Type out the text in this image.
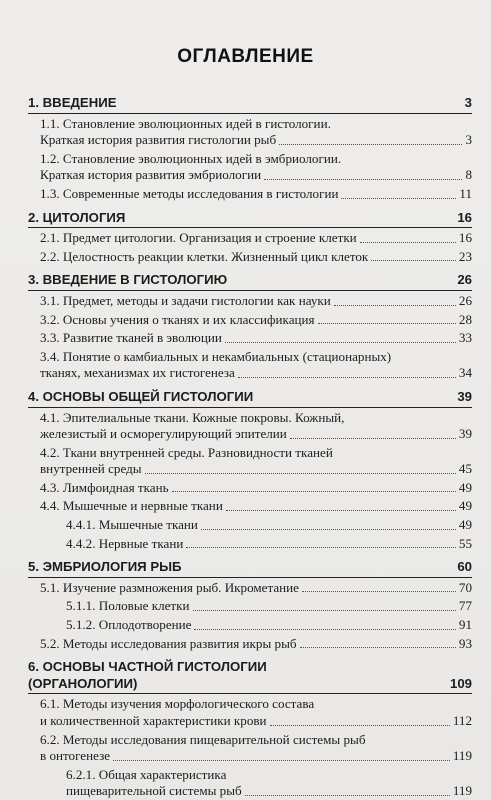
ОГЛАВЛЕНИЕ
1. ВВЕДЕНИЕ	3
1.1. Становление эволюционных идей в гистологии.
Краткая история развития гистологии рыб	3
1.2. Становление эволюционных идей в эмбриологии.
Краткая история развития эмбриологии	8
1.3. Современные методы исследования в гистологии	11
2. ЦИТОЛОГИЯ	16
2.1. Предмет цитологии. Организация и строение клетки	16
2.2. Целостность реакции клетки. Жизненный цикл клеток	23
3. ВВЕДЕНИЕ В ГИСТОЛОГИЮ	26
3.1. Предмет, методы и задачи гистологии как науки	26
3.2. Основы учения о тканях и их классификация	28
3.3. Развитие тканей в эволюции	33
3.4. Понятие о камбиальных и некамбиальных (стационарных)
тканях, механизмах их гистогенеза	34
4. ОСНОВЫ ОБЩЕЙ ГИСТОЛОГИИ	39
4.1. Эпителиальные ткани. Кожные покровы. Кожный,
железистый и осморегулирующий эпителии	39
4.2. Ткани внутренней среды. Разновидности тканей
внутренней среды	45
4.3. Лимфоидная ткань	49
4.4. Мышечные и нервные ткани	49
4.4.1. Мышечные ткани	49
4.4.2. Нервные ткани	55
5. ЭМБРИОЛОГИЯ РЫБ	60
5.1. Изучение размножения рыб. Икрометание	70
5.1.1. Половые клетки	77
5.1.2. Оплодотворение	91
5.2. Методы исследования развития икры рыб	93
6. ОСНОВЫ ЧАСТНОЙ ГИСТОЛОГИИ
(ОРГАНОЛОГИИ)	109
6.1. Методы изучения морфологического состава
и количественной характеристики крови	112
6.2. Методы исследования пищеварительной системы рыб
в онтогенезе	119
6.2.1. Общая характеристика
пищеварительной системы рыб	119
